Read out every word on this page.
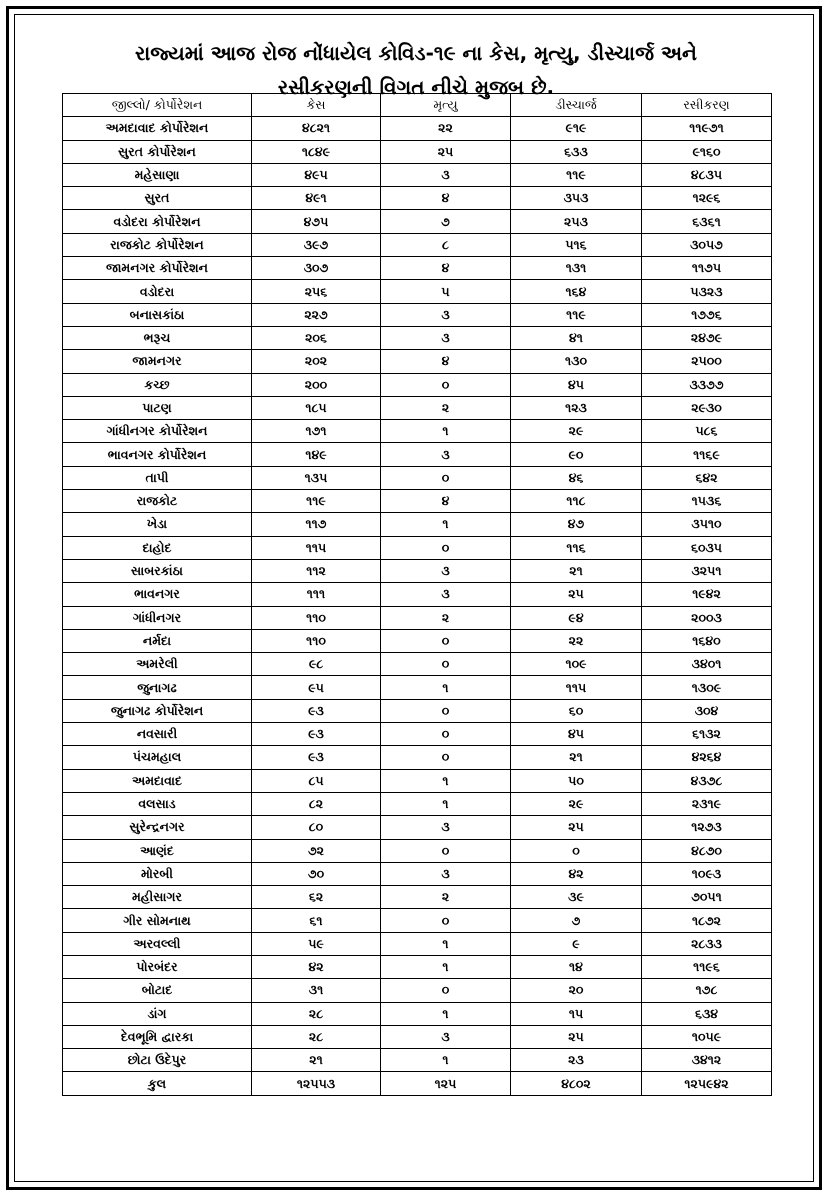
રાજ્યમાં આજ રોજ નોંધાયેલ કોવિડ-૧૯ ના કેસ, મૃત્યુ, ડીસ્ચાર્જ અને
રસીકરણની વિગત નીચે મુજબ છે.
જીલ્લો/ કોર્પોરેશન	કેસ	મૃત્યુ	ડીસ્ચાર્જ	રસીકરણ
અમદાવાદ કોર્પોરેશન	૪૮૨૧	૨૨	૯૧૯	૧૧૯૭૧
સુરત કોર્પોરેશન	૧૮૪૯	૨૫	૬૩૩	૯૧૬૦
મહેસાણા	૪૯૫	૩	૧૧૯	૪૮૩૫
સુરત	૪૯૧	૪	૩૫૩	૧૨૯૬
વડોદરા કોર્પોરેશન	૪૭૫	૭	૨૫૩	૬૩૬૧
રાજકોટ કોર્પોરેશન	૩૯૭	૮	૫૧૬	૩૦૫૭
જામનગર કોર્પોરેશન	૩૦૭	૪	૧૩૧	૧૧૭૫
વડોદરા	૨૫૬	૫	૧૬૪	૫૩૨૩
બનાસકાંઠા	૨૨૭	૩	૧૧૯	૧૭૭૬
ભરૂચ	૨૦૬	૩	૪૧	૨૪૭૯
જામનગર	૨૦૨	૪	૧૩૦	૨૫૦૦
કચ્છ	૨૦૦	૦	૪૫	૩૩૭૭
પાટણ	૧૮૫	૨	૧૨૩	૨૯૩૦
ગાંધીનગર કોર્પોરેશન	૧૭૧	૧	૨૯	૫૮૬
ભાવનગર કોર્પોરેશન	૧૪૯	૩	૯૦	૧૧૬૯
તાપી	૧૩૫	૦	૪૬	૬૪૨
રાજકોટ	૧૧૯	૪	૧૧૮	૧૫૩૬
ખેડા	૧૧૭	૧	૪૭	૩૫૧૦
દાહોદ	૧૧૫	૦	૧૧૬	૬૦૩૫
સાબરકાંઠા	૧૧૨	૩	૨૧	૩૨૫૧
ભાવનગર	૧૧૧	૩	૨૫	૧૯૪૨
ગાંધીનગર	૧૧૦	૨	૯૪	૨૦૦૩
નર્મદા	૧૧૦	૦	૨૨	૧૬૪૦
અમરેલી	૯૮	૦	૧૦૯	૩૪૦૧
જુનાગઢ	૯૫	૧	૧૧૫	૧૩૦૯
જુનાગઢ કોર્પોરેશન	૯૩	૦	૬૦	૩૦૪
નવસારી	૯૩	૦	૪૫	૬૧૩૨
પંચમહાલ	૯૩	૦	૨૧	૪૨૬૪
અમદાવાદ	૮૫	૧	૫૦	૪૩૭૮
વલસાડ	૮૨	૧	૨૯	૨૩૧૯
સુરેન્દ્રનગર	૮૦	૩	૨૫	૧૨૭૩
આણંદ	૭૨	૦	૦	૪૮૭૦
મોરબી	૭૦	૩	૪૨	૧૦૯૩
મહીસાગર	૬૨	૨	૩૯	૭૦૫૧
ગીર સોમનાથ	૬૧	૦	૭	૧૮૭૨
અરવલ્લી	૫૯	૧	૯	૨૮૩૩
પોરબંદર	૪૨	૧	૧૪	૧૧૯૬
બોટાદ	૩૧	૦	૨૦	૧૭૮
ડાંગ	૨૮	૧	૧૫	૬૩૪
દેવભૂમિ દ્વારકા	૨૮	૩	૨૫	૧૦૫૯
છોટા ઉદેપુર	૨૧	૧	૨૩	૩૪૧૨
કુલ	૧૨૫૫૩	૧૨૫	૪૮૦૨	૧૨૫૯૪૨
